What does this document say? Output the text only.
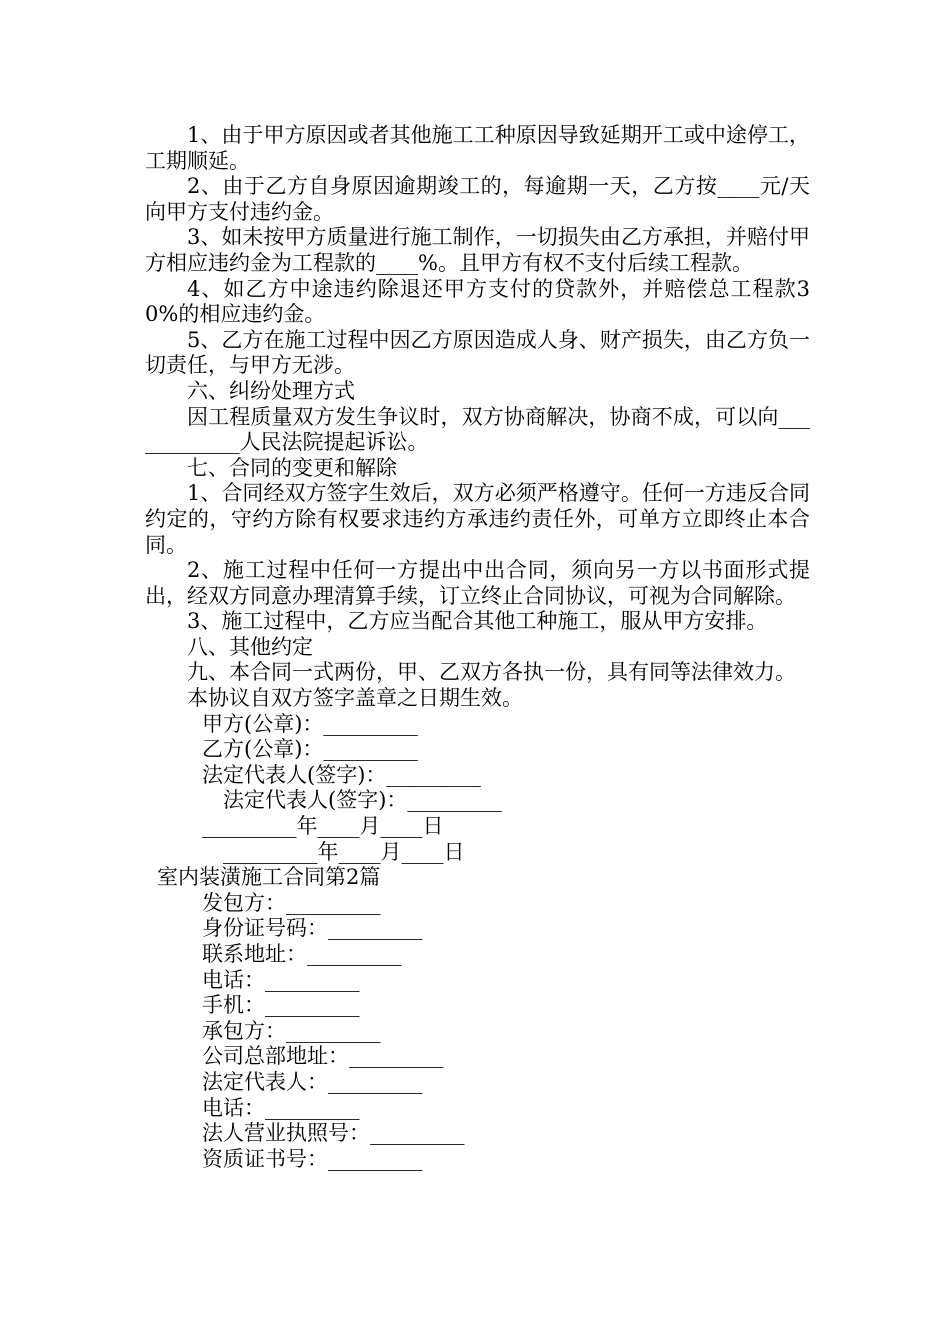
1、由于甲方原因或者其他施工工种原因导致延期开工或中途停工，工期顺延。

2、由于乙方自身原因逾期竣工的，每逾期一天，乙方按____元/天向甲方支付违约金。

3、如未按甲方质量进行施工制作，一切损失由乙方承担，并赔付甲方相应违约金为工程款的____%。且甲方有权不支付后续工程款。

4、如乙方中途违约除退还甲方支付的贷款外，并赔偿总工程款30%的相应违约金。

5、乙方在施工过程中因乙方原因造成人身、财产损失，由乙方负一切责任，与甲方无涉。

六、纠纷处理方式

因工程质量双方发生争议时，双方协商解决，协商不成，可以向____________人民法院提起诉讼。

七、合同的变更和解除

1、合同经双方签字生效后，双方必须严格遵守。任何一方违反合同约定的，守约方除有权要求违约方承违约责任外，可单方立即终止本合同。

2、施工过程中任何一方提出中出合同，须向另一方以书面形式提出，经双方同意办理清算手续，订立终止合同协议，可视为合同解除。

3、施工过程中，乙方应当配合其他工种施工，服从甲方安排。

八、其他约定

九、本合同一式两份，甲、乙双方各执一份，具有同等法律效力。

本协议自双方签字盖章之日期生效。

甲方(公章)：_________

乙方(公章)：_________

法定代表人(签字)：_________

法定代表人(签字)：_________

_________年____月____日

_________年____月____日

室内装潢施工合同第2篇

发包方：_________

身份证号码：_________

联系地址：_________

电话：_________

手机：_________

承包方：_________

公司总部地址：_________

法定代表人：_________

电话：_________

法人营业执照号：_________

资质证书号：_________
